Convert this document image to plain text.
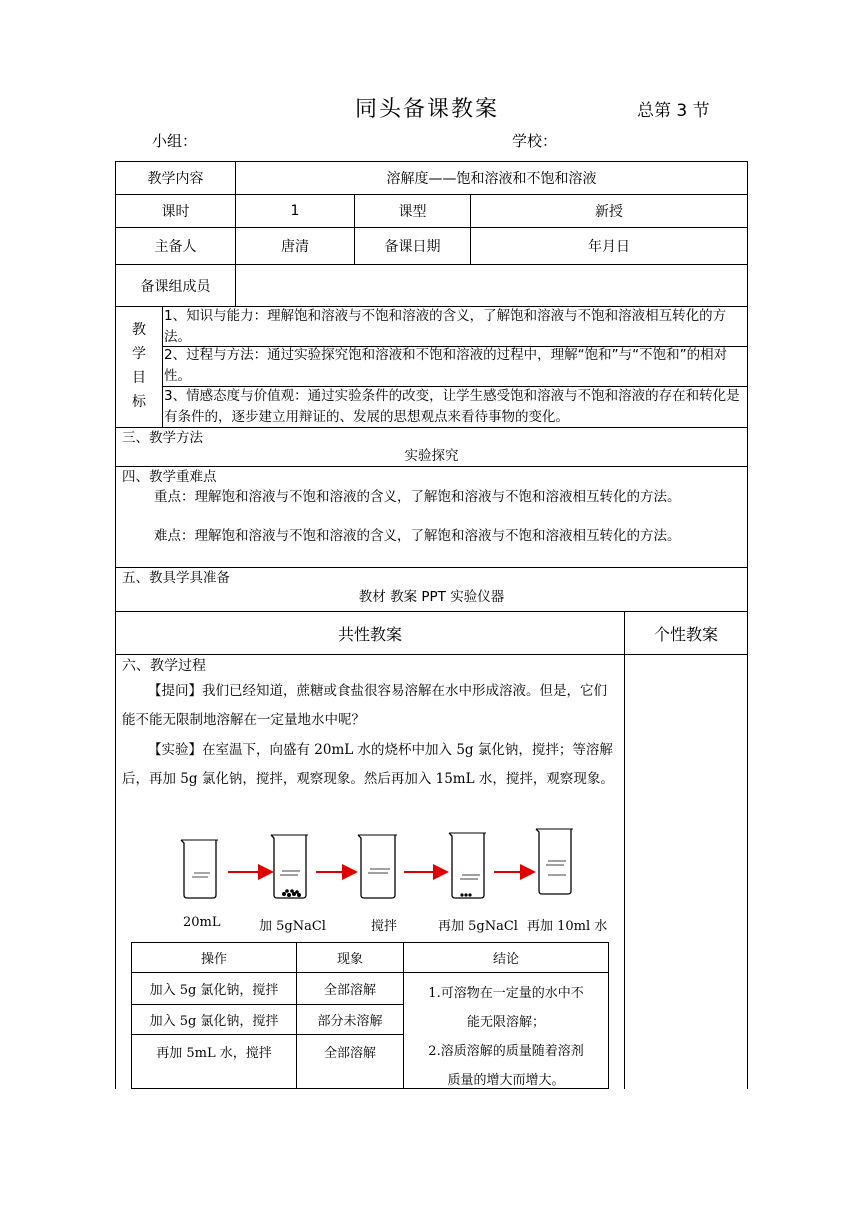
同头备课教案	总第 3 节
小组：	学校：
教学内容	溶解度——饱和溶液和不饱和溶液
课时	1	课型	新授
主备人	唐清	备课日期	年月日
备课组成员
教
学
目
标
1、知识与能力：理解饱和溶液与不饱和溶液的含义，了解饱和溶液与不饱和溶液相互转化的方法。
2、过程与方法：通过实验探究饱和溶液和不饱和溶液的过程中，理解“饱和”与“不饱和”的相对性。
3、情感态度与价值观：通过实验条件的改变，让学生感受饱和溶液与不饱和溶液的存在和转化是有条件的，逐步建立用辩证的、发展的思想观点来看待事物的变化。
三、教学方法
实验探究
四、教学重难点
重点：理解饱和溶液与不饱和溶液的含义，了解饱和溶液与不饱和溶液相互转化的方法。
难点：理解饱和溶液与不饱和溶液的含义，了解饱和溶液与不饱和溶液相互转化的方法。
五、教具学具准备
教材 教案 PPT 实验仪器
共性教案	个性教案
六、教学过程
【提问】我们已经知道，蔗糖或食盐很容易溶解在水中形成溶液。但是，它们能不能无限制地溶解在一定量地水中呢？
【实验】在室温下，向盛有 20mL 水的烧杯中加入 5g 氯化钠，搅拌；等溶解后，再加 5g 氯化钠，搅拌，观察现象。然后再加入 15mL 水，搅拌，观察现象。
20mL	加 5gNaCl	搅拌	再加 5gNaCl 再加 10ml 水
操作	现象	结论
加入 5g 氯化钠，搅拌	全部溶解
加入 5g 氯化钠，搅拌	部分未溶解
再加 5mL 水，搅拌	全部溶解
1.可溶物在一定量的水中不
能无限溶解；
2.溶质溶解的质量随着溶剂
质量的增大而增大。
